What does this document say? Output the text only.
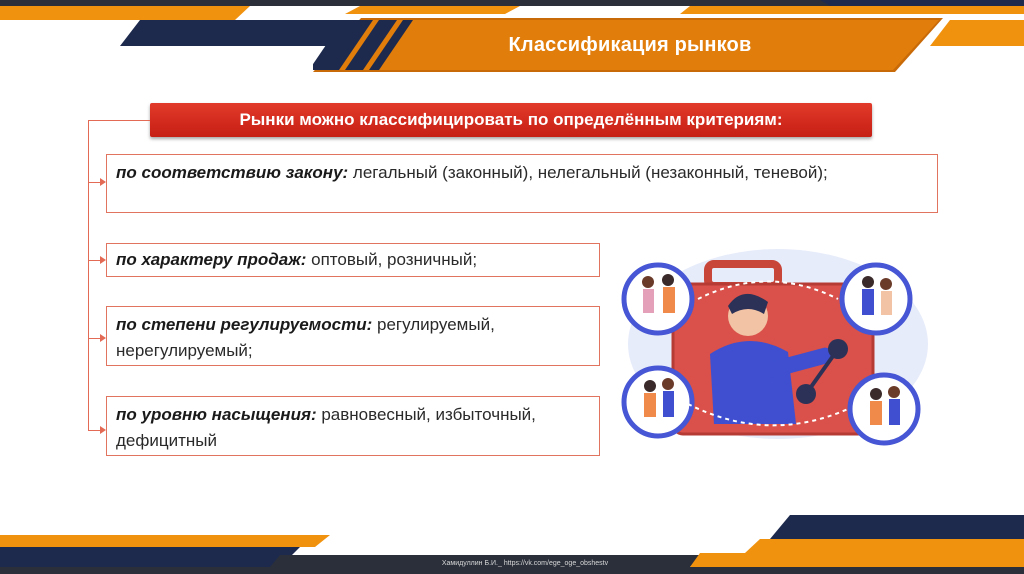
Классификация рынков
Рынки можно классифицировать по определённым критериям:
по соответствию закону: легальный (законный), нелегальный (незаконный, теневой);
по характеру продаж: оптовый, розничный;
по степени регулируемости: регулируемый, нерегулируемый;
по уровню насыщения: равновесный, избыточный, дефицитный
Хамидуллин Б.И._ https://vk.com/ege_oge_obshestv
